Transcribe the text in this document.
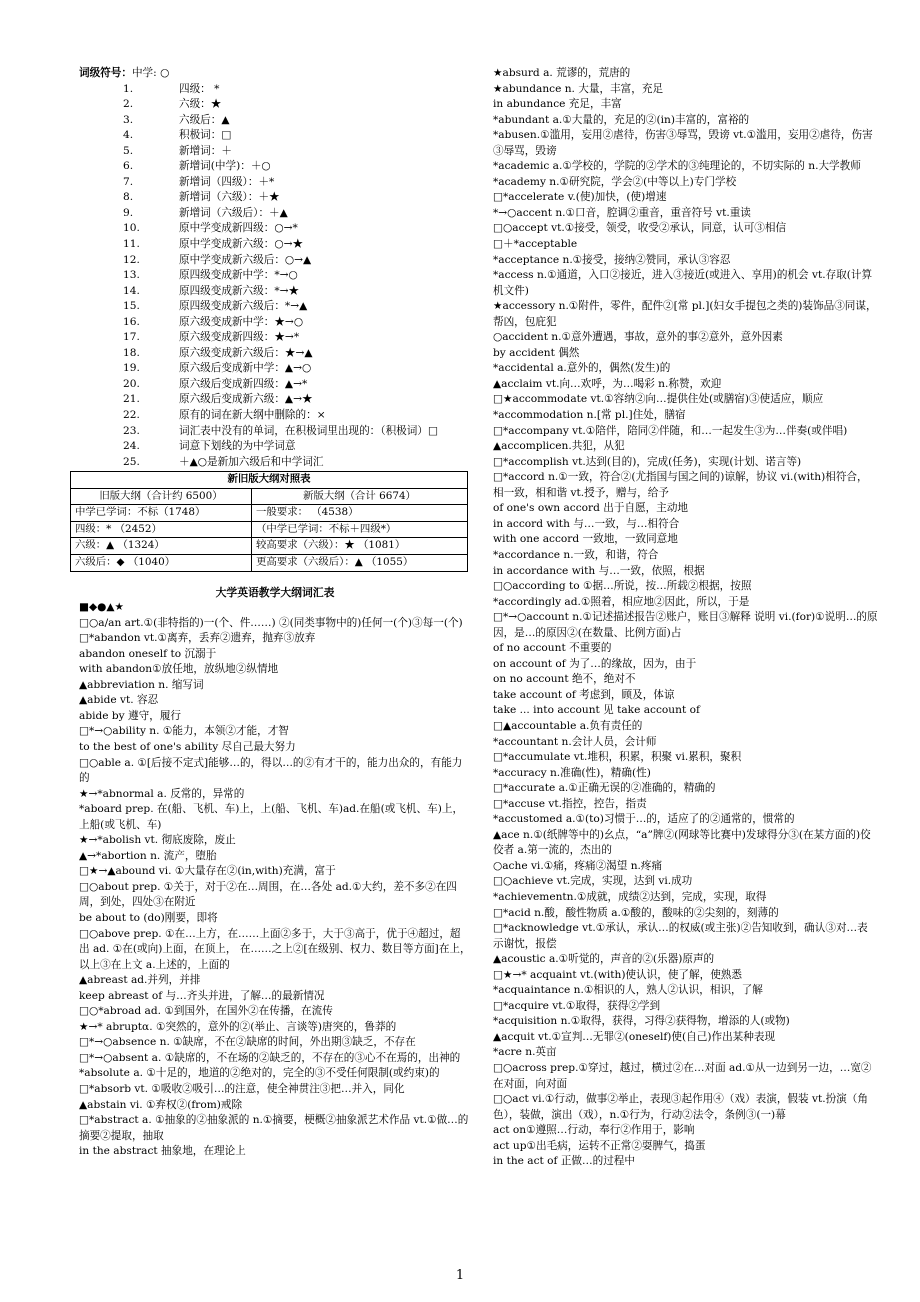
词级符号：中学: ○
1.	四级： *
2.	六级：★
3.	六级后：▲
4.	积极词：□
5.	新增词：＋
6.	新增词(中学)：＋○
7.	新增词（四级）：＋*
8.	新增词（六级）：＋★
9.	新增词（六级后）：＋▲
10.	原中学变成新四级：○→*
11.	原中学变成新六级：○→★
12.	原中学变成新六级后：○→▲
13.	原四级变成新中学：*→○
14.	原四级变成新六级：*→★
15.	原四级变成新六级后：*→▲
16.	原六级变成新中学：★→○
17.	原六级变成新四级：★→*
18.	原六级变成新六级后：★→▲
19.	原六级后变成新中学：▲→○
20.	原六级后变成新四级：▲→*
21.	原六级后变成新六级：▲→★
22.	原有的词在新大纲中删除的：×
23.	词汇表中没有的单词，在积极词里出现的：（积极词）□
24.	词意下划线的为中学词意
25.	＋▲○是新加六级后和中学词汇
新旧版大纲对照表	
旧版大纲（合计约 6500）	新版大纲（合计 6674）
中学已学词：不标（1748）	一般要求： （4538）
四级：* （2452）	（中学已学词：不标＋四级*）
六级：▲ （1324）	较高要求（六级）：★ （1081）
六级后：◆ （1040）	更高要求（六级后）：▲ （1055）
大学英语教学大纲词汇表
■◆●▲★
□○a/an art.①(非特指的)一(个、件……) ②(同类事物中的)任何一(个)③每一(个)
□*abandon vt.①离弃，丢弃②遗弃，抛弃③放弃
abandon oneself to 沉溺于
with abandon①放任地，放纵地②纵情地
▲abbreviation n. 缩写词
▲abide vt. 容忍
abide by 遵守，履行
□*→○ability n. ①能力，本领②才能，才智
to the best of one's ability 尽自己最大努力
□○able a. ①[后接不定式]能够…的，得以…的②有才干的，能力出众的，有能力的
★→*abnormal a. 反常的，异常的
*aboard prep. 在(船、飞机、车)上，上(船、飞机、车)ad.在船(或飞机、车)上，上船(或飞机、车)
★→*abolish vt. 彻底废除，废止
▲→*abortion n. 流产，堕胎
□★→▲abound vi. ①大量存在②(in,with)充满，富于
□○about prep. ①关于，对于②在…周围，在…各处 ad.①大约，差不多②在四周，到处，四处③在附近
be about to (do)刚要，即将
□○above prep. ①在…上方，在……上面②多于，大于③高于，优于④超过，超出 ad. ①在(或向)上面，在顶上， 在……之上②[在级别、权力、数目等方面]在上，以上③在上文 a.上述的，上面的
▲abreast ad.并列，并排
keep abreast of 与…齐头并进，了解…的最新情况
□○*abroad ad. ①到国外，在国外②在传播，在流传
★→* abruptα. ①突然的，意外的②(举止、言谈等)唐突的，鲁莽的
□*→○absence n. ①缺席，不在②缺席的时间，外出期③缺乏，不存在
□*→○absent a. ①缺席的，不在场的②缺乏的，不存在的③心不在焉的，出神的
*absolute a. ①十足的，地道的②绝对的，完全的③不受任何限制(或约束)的
□*absorb vt. ①吸收②吸引…的注意，使全神贯注③把…并入，同化
▲abstain vi. ①弃权②(from)戒除
□*abstract a. ①抽象的②抽象派的 n.①摘要，梗概②抽象派艺术作品 vt.①做…的摘要②提取，抽取
in the abstract 抽象地，在理论上
★absurd a. 荒谬的，荒唐的
★abundance n. 大量，丰富，充足
in abundance 充足，丰富
*abundant a.①大量的，充足的②(in)丰富的，富裕的
*abusen.①滥用，妄用②虐待，伤害③辱骂，毁谤 vt.①滥用，妄用②虐待，伤害③辱骂，毁谤
*academic a.①学校的，学院的②学术的③纯理论的，不切实际的 n.大学教师
*academy n.①研究院，学会②(中等以上)专门学校
□*accelerate v.(使)加快，(使)增速
*→○accent n.①口音，腔调②重音，重音符号 vt.重读
□○accept vt.①接受，领受，收受②承认，同意，认可③相信
□＋*acceptable
*acceptance n.①接受，接纳②赞同，承认③容忍
*access n.①通道，入口②接近，进入③接近(或进入、享用)的机会 vt.存取(计算机文件)
★accessory n.①附件，零件，配件②[常 pl.](妇女手提包之类的)装饰品③同谋，帮凶，包庇犯
○accident n.①意外遭遇，事故，意外的事②意外，意外因素
by accident 偶然
*accidental a.意外的，偶然(发生)的
▲acclaim vt.向…欢呼，为…喝彩 n.称赞，欢迎
□★accommodate vt.①容纳②向…提供住处(或膳宿)③使适应，顺应
*accommodation n.[常 pl.]住处，膳宿
□*accompany vt.①陪伴，陪同②伴随，和…一起发生③为…伴奏(或伴唱)
▲accomplicen.共犯，从犯
□*accomplish vt.达到(目的)，完成(任务)，实现(计划、诺言等)
□*accord n.①一致，符合②(尤指国与国之间的)谅解，协议 vi.(with)相符合，相一致，相和谐 vt.授予，赠与，给予
of one's own accord 出于自愿，主动地
in accord with 与…一致，与…相符合
with one accord 一致地，一致同意地
*accordance n.一致，和谐，符合
in accordance with 与…一致，依照，根据
□○according to ①据…所说，按…所载②根据，按照
*accordingly ad.①照着，相应地②因此，所以，于是
□*→○account n.①记述描述报告②账户，账目③解释 说明 vi.(for)①说明…的原因，是…的原因②(在数量、比例方面)占
of no account 不重要的
on account of 为了…的缘故，因为，由于
on no account 绝不，绝对不
take account of 考虑到，顾及，体谅
take ... into account 见 take account of
□▲accountable a.负有责任的
*accountant n.会计人员，会计师
□*accumulate vt.堆积，积累，积聚 vi.累积，聚积
*accuracy n.准确(性)，精确(性)
□*accurate a.①正确无误的②准确的，精确的
□*accuse vt.指控，控告，指责
*accustomed a.①(to)习惯于…的，适应了的②通常的，惯常的
▲ace n.①(纸牌等中的)幺点，“a”牌②(网球等比赛中)发球得分③(在某方面的)佼佼者 a.第一流的，杰出的
○ache vi.①痛，疼痛②渴望 n.疼痛
□○achieve vt.完成，实现，达到 vi.成功
*achievementn.①成就，成绩②达到，完成，实现，取得
□*acid n.酸，酸性物质 a.①酸的，酸味的②尖刻的，刻薄的
□*acknowledge vt.①承认，承认…的权威(或主张)②告知收到，确认③对…表示谢忱，报偿
▲acoustic a.①听觉的，声音的②(乐器)原声的
□★→* acquaint vt.(with)使认识，使了解，使熟悉
*acquaintance n.①相识的人，熟人②认识，相识，了解
□*acquire vt.①取得，获得②学到
*acquisition n.①取得，获得，习得②获得物，增添的人(或物)
▲acquit vt.①宣判…无罪②(oneself)使(自己)作出某种表现
*acre n.英亩
□○across prep.①穿过，越过，横过②在…对面 ad.①从一边到另一边，…宽②在对面，向对面
□○act vi.①行动，做事②举止，表现③起作用④（戏）表演，假装 vt.扮演（角色），装做，演出（戏），n.①行为，行动②法令，条例③(一)幕
act on①遵照…行动，奉行②作用于，影响
act up①出毛病，运转不正常②耍脾气，捣蛋
in the act of 正做…的过程中
1
